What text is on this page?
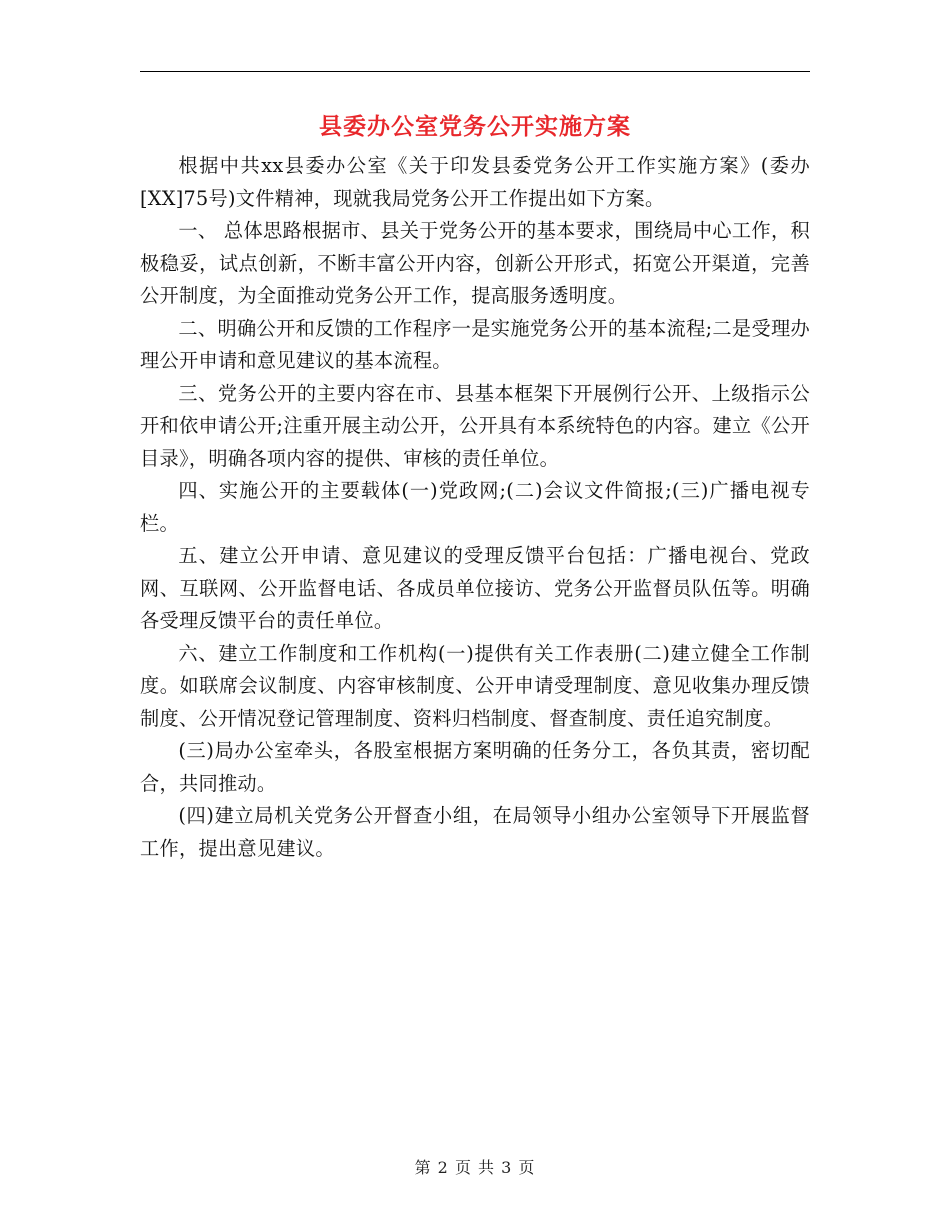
县委办公室党务公开实施方案

根据中共xx县委办公室《关于印发县委党务公开工作实施方案》(委办[XX]75号)文件精神，现就我局党务公开工作提出如下方案。

一、 总体思路根据市、县关于党务公开的基本要求，围绕局中心工作，积极稳妥，试点创新，不断丰富公开内容，创新公开形式，拓宽公开渠道，完善公开制度，为全面推动党务公开工作，提高服务透明度。

二、明确公开和反馈的工作程序一是实施党务公开的基本流程;二是受理办理公开申请和意见建议的基本流程。

三、党务公开的主要内容在市、县基本框架下开展例行公开、上级指示公开和依申请公开;注重开展主动公开，公开具有本系统特色的内容。建立《公开目录》，明确各项内容的提供、审核的责任单位。

四、实施公开的主要载体(一)党政网;(二)会议文件简报;(三)广播电视专栏。

五、建立公开申请、意见建议的受理反馈平台包括：广播电视台、党政网、互联网、公开监督电话、各成员单位接访、党务公开监督员队伍等。明确各受理反馈平台的责任单位。

六、建立工作制度和工作机构(一)提供有关工作表册(二)建立健全工作制度。如联席会议制度、内容审核制度、公开申请受理制度、意见收集办理反馈制度、公开情况登记管理制度、资料归档制度、督查制度、责任追究制度。

(三)局办公室牵头，各股室根据方案明确的任务分工，各负其责，密切配合，共同推动。

(四)建立局机关党务公开督查小组，在局领导小组办公室领导下开展监督工作，提出意见建议。

第 2 页 共 3 页
